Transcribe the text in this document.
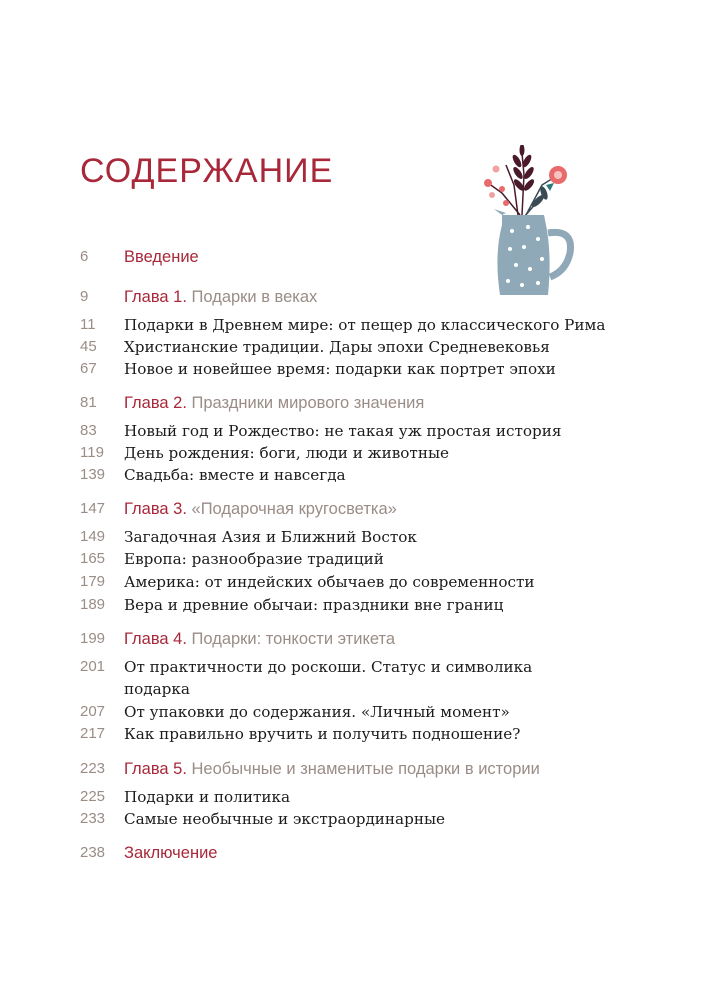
СОДЕРЖАНИЕ
6	Введение
9	Глава 1. Подарки в веках
11	Подарки в Древнем мире: от пещер до классического Рима
45	Христианские традиции. Дары эпохи Средневековья
67	Новое и новейшее время: подарки как портрет эпохи
81	Глава 2. Праздники мирового значения
83	Новый год и Рождество: не такая уж простая история
119	День рождения: боги, люди и животные
139	Свадьба: вместе и навсегда
147	Глава 3. «Подарочная кругосветка»
149	Загадочная Азия и Ближний Восток
165	Европа: разнообразие традиций
179	Америка: от индейских обычаев до современности
189	Вера и древние обычаи: праздники вне границ
199	Глава 4. Подарки: тонкости этикета
201	От практичности до роскоши. Статус и символика
подарка
207	От упаковки до содержания. «Личный момент»
217	Как правильно вручить и получить подношение?
223	Глава 5. Необычные и знаменитые подарки в истории
225	Подарки и политика
233	Самые необычные и экстраординарные
238	Заключение
